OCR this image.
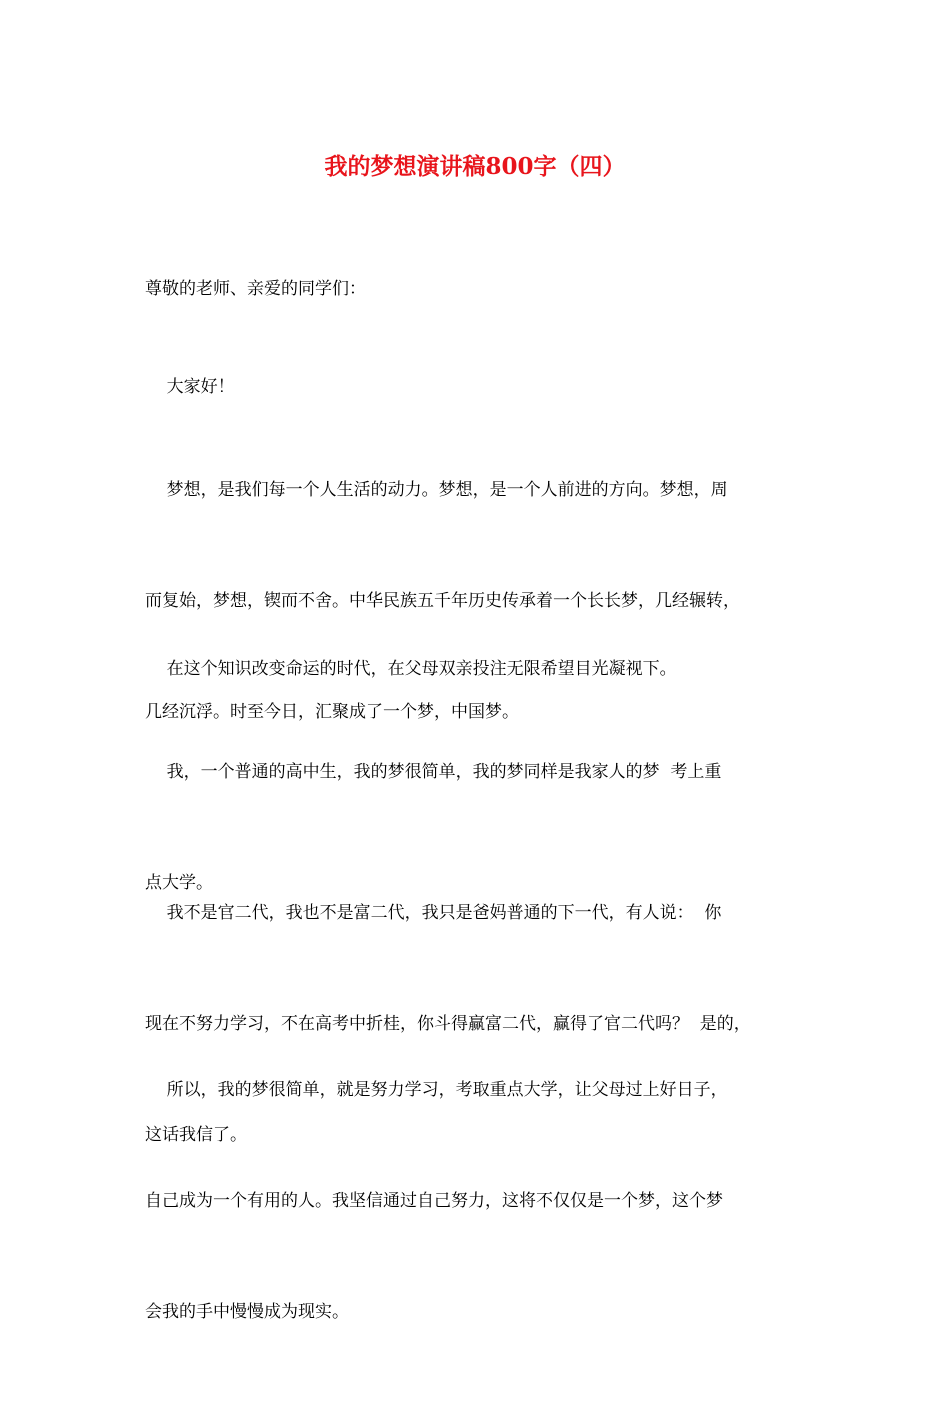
我的梦想演讲稿800字（四）

尊敬的老师、亲爱的同学们：

大家好！

梦想，是我们每一个人生活的动力。梦想，是一个人前进的方向。梦想，周

而复始，梦想，锲而不舍。中华民族五千年历史传承着一个长长梦，几经辗转，

几经沉浮。时至今日，汇聚成了一个梦，中国梦。

在这个知识改变命运的时代，在父母双亲投注无限希望目光凝视下。

我，一个普通的高中生，我的梦很简单，我的梦同样是我家人的梦  考上重

点大学。

我不是官二代，我也不是富二代，我只是爸妈普通的下一代，有人说：  你

现在不努力学习，不在高考中折桂，你斗得赢富二代，赢得了官二代吗？  是的，

这话我信了。

所以，我的梦很简单，就是努力学习，考取重点大学，让父母过上好日子，

自己成为一个有用的人。我坚信通过自己努力，这将不仅仅是一个梦，这个梦

会我的手中慢慢成为现实。
